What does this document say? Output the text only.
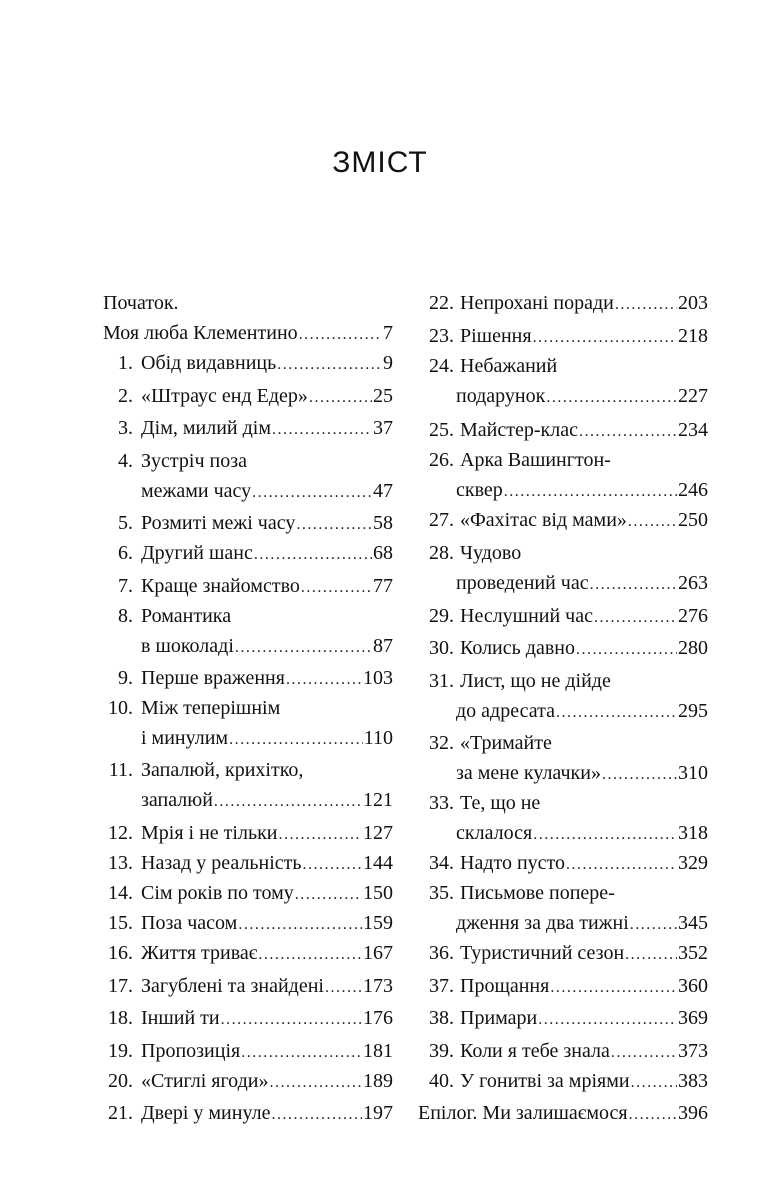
ЗМІСТ
Початок.
Моя люба Клементино .....	7
1. Обід видавниць .....	9
2. «Штраус енд Едер» .....	25
3. Дім, милий дім .....	37
4. Зустріч поза
межами часу .....	47
5. Розмиті межі часу .....	58
6. Другий шанс .....	68
7. Краще знайомство .....	77
8. Романтика
в шоколаді .....	87
9. Перше враження .....	103
10. Між теперішнім
і минулим .....	110
11. Запалюй, крихітко,
запалюй .....	121
12. Мрія і не тільки .....	127
13. Назад у реальність .....	144
14. Сім років по тому .....	150
15. Поза часом .....	159
16. Життя триває .....	167
17. Загублені та знайдені ..... 173
18. Інший ти .....	176
19. Пропозиція .....	181
20. «Стиглі ягоди» .....	189
21. Двері у минуле .....	197
22. Непрохані поради .....	203
23. Рішення .....	218
24. Небажаний
подарунок .....	227
25. Майстер-клас .....	234
26. Арка Вашингтон-
сквер .....	246
27. «Фахітас від мами» .....	250
28. Чудово
проведений час .....	263
29. Неслушний час .....	276
30. Колись давно .....	280
31. Лист, що не дійде
до адресата .....	295
32. «Тримайте
за мене кулачки» .....	310
33. Те, що не
склалося .....	318
34. Надто пусто .....	329
35. Письмове попере-
дження за два тижні ..... 345
36. Туристичний сезон .....	352
37. Прощання .....	360
38. Примари .....	369
39. Коли я тебе знала .....	373
40. У гонитві за мріями ..... 383
Епілог. Ми залишаємося .....	396
